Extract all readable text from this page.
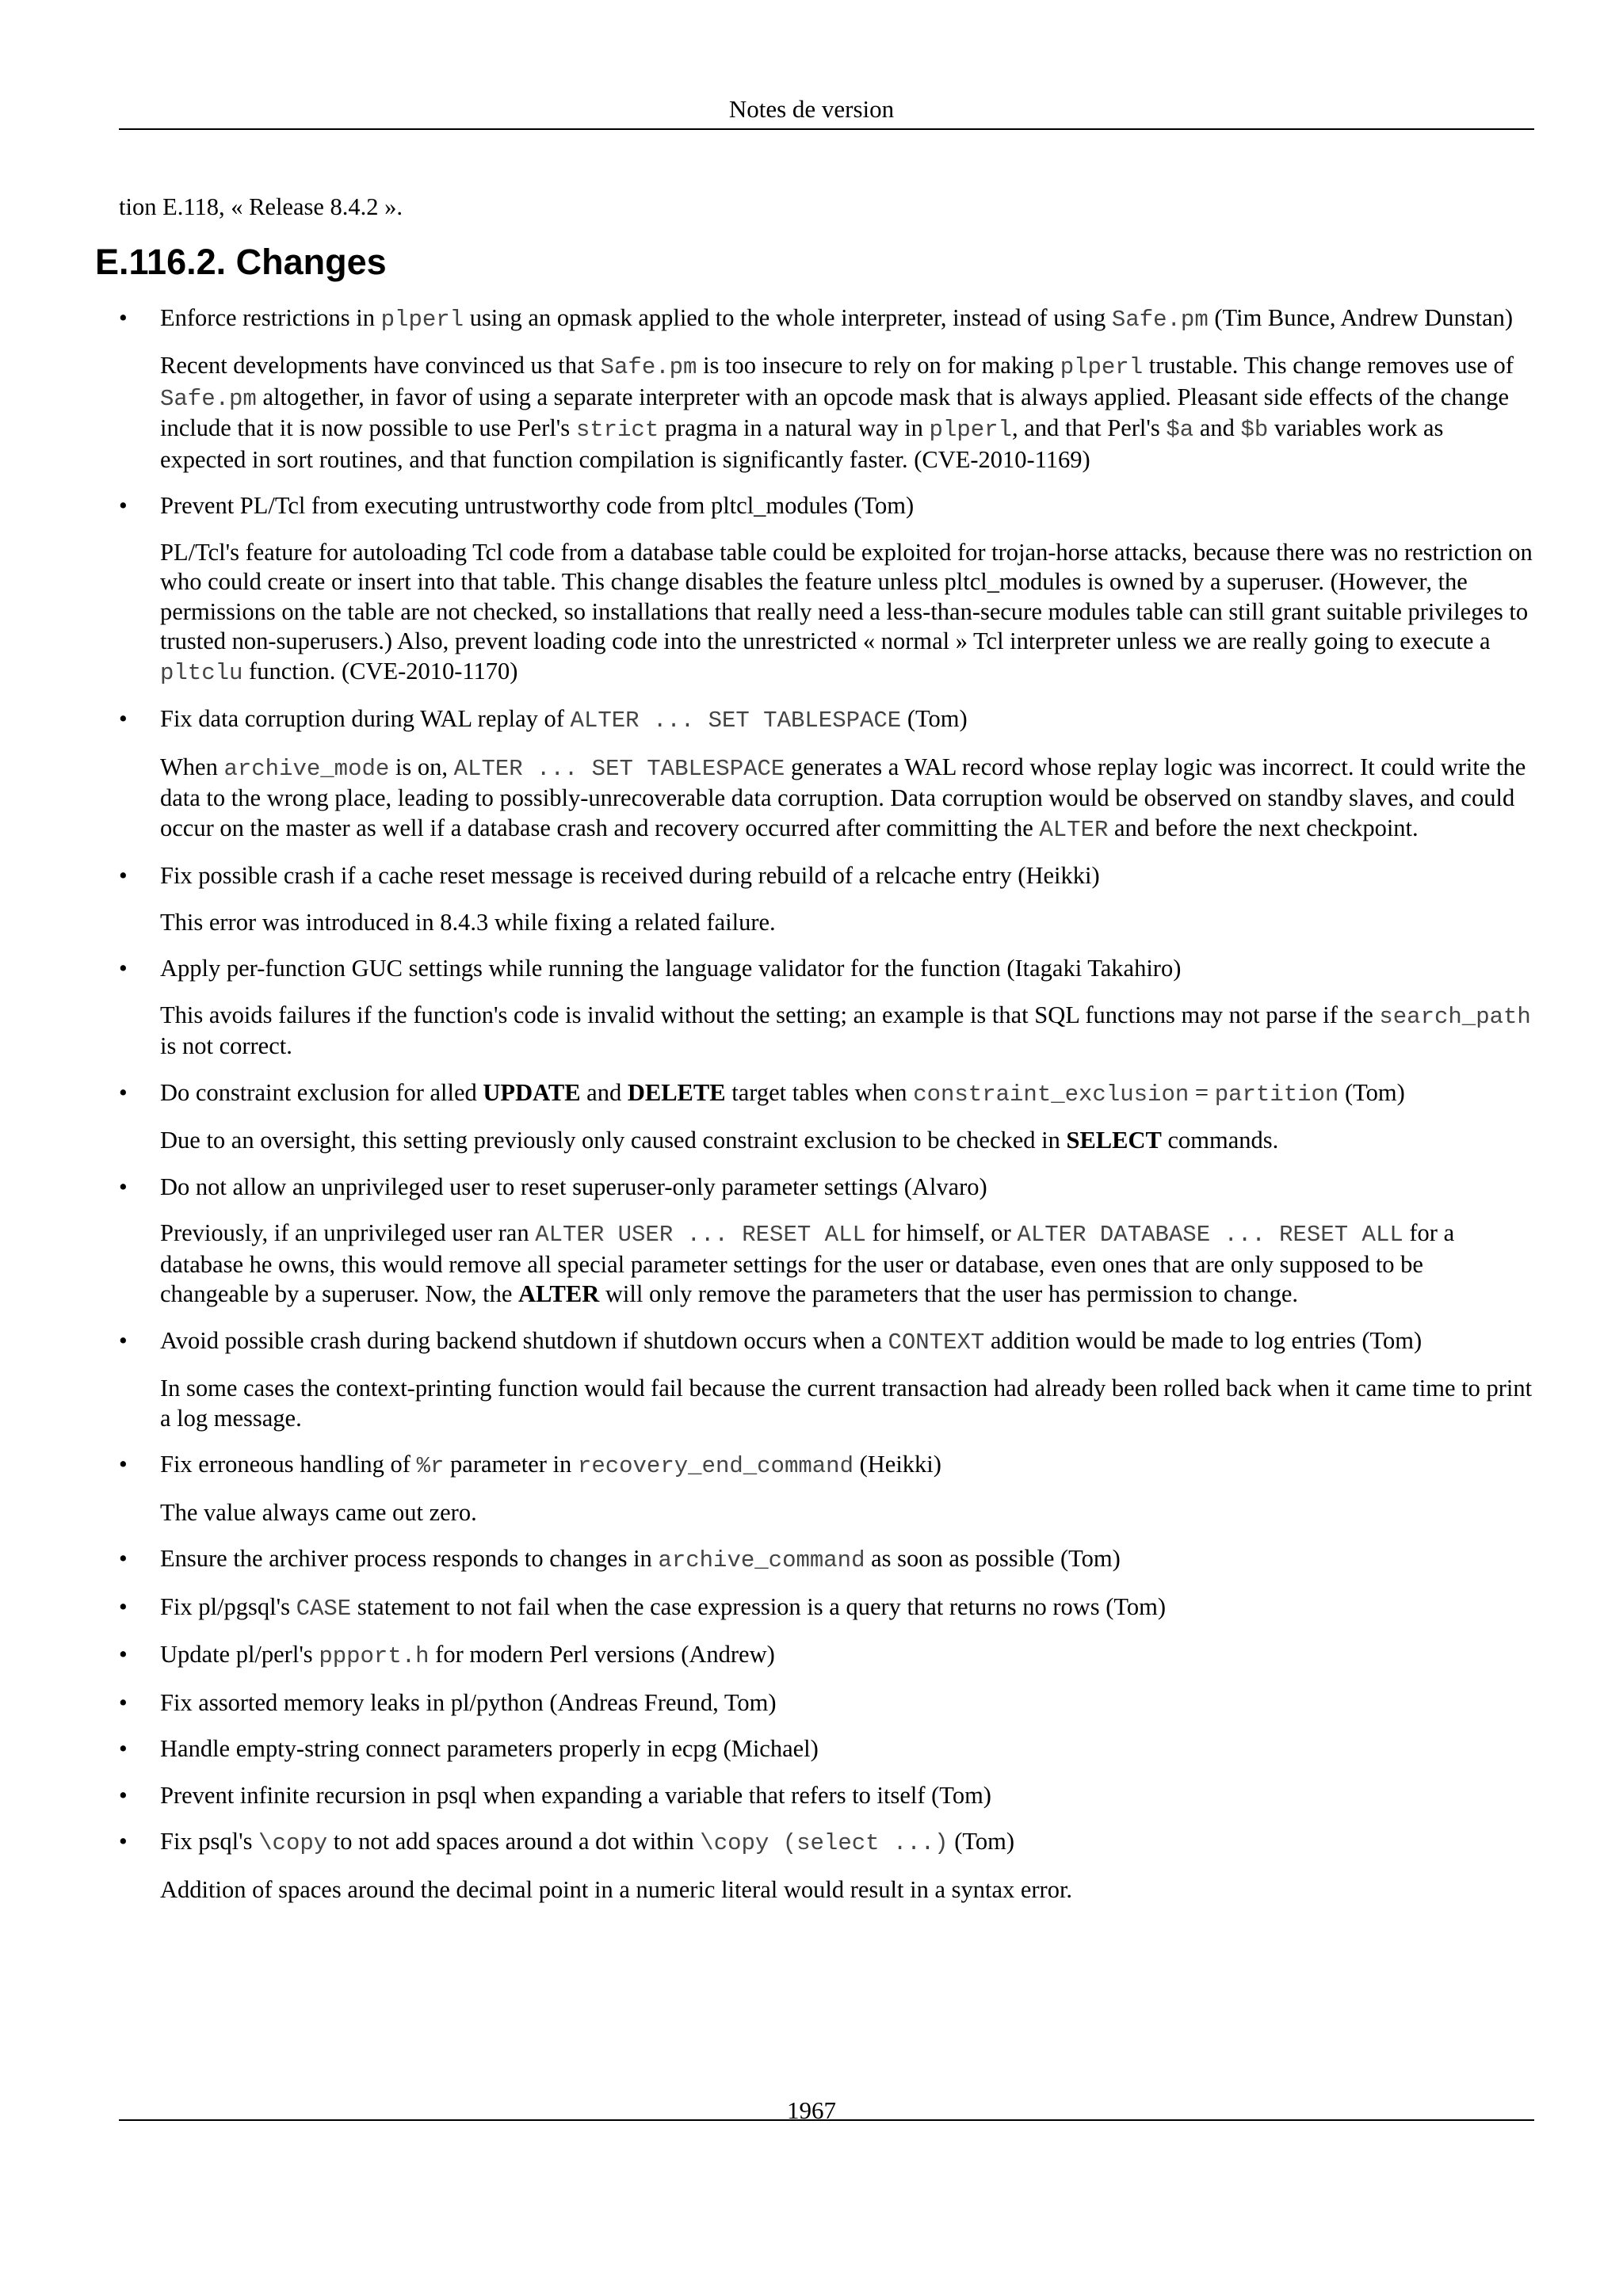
Notes de version

tion E.118, « Release 8.4.2 ».

E.116.2. Changes

• Enforce restrictions in plperl using an opmask applied to the whole interpreter, instead of using Safe.pm (Tim Bunce, Andrew Dunstan)

Recent developments have convinced us that Safe.pm is too insecure to rely on for making plperl trustable. This change removes use of Safe.pm altogether, in favor of using a separate interpreter with an opcode mask that is always applied. Pleasant side effects of the change include that it is now possible to use Perl's strict pragma in a natural way in plperl, and that Perl's $a and $b variables work as expected in sort routines, and that function compilation is significantly faster. (CVE-2010-1169)

• Prevent PL/Tcl from executing untrustworthy code from pltcl_modules (Tom)

PL/Tcl's feature for autoloading Tcl code from a database table could be exploited for trojan-horse attacks, because there was no restriction on who could create or insert into that table. This change disables the feature unless pltcl_modules is owned by a superuser. (However, the permissions on the table are not checked, so installations that really need a less-than-secure modules table can still grant suitable privileges to trusted non-superusers.) Also, prevent loading code into the unrestricted « normal » Tcl interpreter unless we are really going to execute a pltclu function. (CVE-2010-1170)

• Fix data corruption during WAL replay of ALTER ... SET TABLESPACE (Tom)

When archive_mode is on, ALTER ... SET TABLESPACE generates a WAL record whose replay logic was incorrect. It could write the data to the wrong place, leading to possibly-unrecoverable data corruption. Data corruption would be observed on standby slaves, and could occur on the master as well if a database crash and recovery occurred after committing the ALTER and before the next checkpoint.

• Fix possible crash if a cache reset message is received during rebuild of a relcache entry (Heikki)

This error was introduced in 8.4.3 while fixing a related failure.

• Apply per-function GUC settings while running the language validator for the function (Itagaki Takahiro)

This avoids failures if the function's code is invalid without the setting; an example is that SQL functions may not parse if the search_path is not correct.

• Do constraint exclusion for alled UPDATE and DELETE target tables when constraint_exclusion = partition (Tom)

Due to an oversight, this setting previously only caused constraint exclusion to be checked in SELECT commands.

• Do not allow an unprivileged user to reset superuser-only parameter settings (Alvaro)

Previously, if an unprivileged user ran ALTER USER ... RESET ALL for himself, or ALTER DATABASE ... RESET ALL for a database he owns, this would remove all special parameter settings for the user or database, even ones that are only supposed to be changeable by a superuser. Now, the ALTER will only remove the parameters that the user has permission to change.

• Avoid possible crash during backend shutdown if shutdown occurs when a CONTEXT addition would be made to log entries (Tom)

In some cases the context-printing function would fail because the current transaction had already been rolled back when it came time to print a log message.

• Fix erroneous handling of %r parameter in recovery_end_command (Heikki)

The value always came out zero.

• Ensure the archiver process responds to changes in archive_command as soon as possible (Tom)

• Fix pl/pgsql's CASE statement to not fail when the case expression is a query that returns no rows (Tom)

• Update pl/perl's ppport.h for modern Perl versions (Andrew)

• Fix assorted memory leaks in pl/python (Andreas Freund, Tom)

• Handle empty-string connect parameters properly in ecpg (Michael)

• Prevent infinite recursion in psql when expanding a variable that refers to itself (Tom)

• Fix psql's \copy to not add spaces around a dot within \copy (select ...) (Tom)

Addition of spaces around the decimal point in a numeric literal would result in a syntax error.

1967
